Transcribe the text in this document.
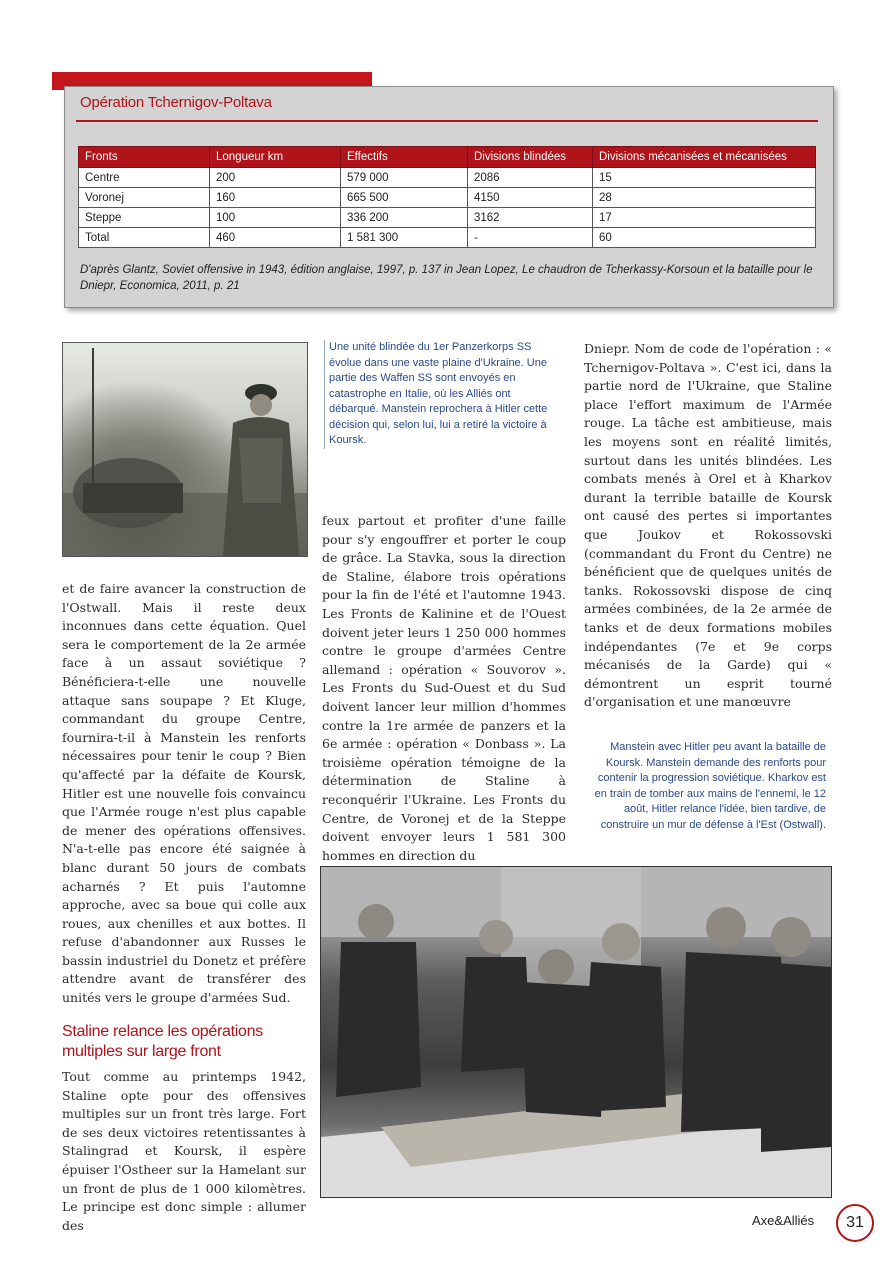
Opération Tchernigov-Poltava
Fronts	Longueur km	Effectifs	Divisions blindées	Divisions mécanisées et mécanisées
Centre	200	579 000	2086	15
Voronej	160	665 500	4150	28
Steppe	100	336 200	3162	17
Total	460	1 581 300	-	60
D'après Glantz, Soviet offensive in 1943, édition anglaise, 1997, p. 137 in Jean Lopez, Le chaudron de Tcherkassy-Korsoun et la bataille pour le Dniepr, Economica, 2011, p. 21
Une unité blindée du 1er Panzerkorps SS évolue dans une vaste plaine d'Ukraine. Une partie des Waffen SS sont envoyés en catastrophe en Italie, où les Alliés ont débarqué. Manstein reprochera à Hitler cette décision qui, selon lui, lui a retiré la victoire à Koursk.

et de faire avancer la construction de l'Ostwall. Mais il reste deux inconnues dans cette équation. Quel sera le comportement de la 2e armée face à un assaut soviétique ? Bénéficiera-t-elle une nouvelle attaque sans soupape ? Et Kluge, commandant du groupe Centre, fournira-t-il à Manstein les renforts nécessaires pour tenir le coup ? Bien qu'affecté par la défaite de Koursk, Hitler est une nouvelle fois convaincu que l'Armée rouge n'est plus capable de mener des opérations offensives. N'a-t-elle pas encore été saignée à blanc durant 50 jours de combats acharnés ? Et puis l'automne approche, avec sa boue qui colle aux roues, aux chenilles et aux bottes. Il refuse d'abandonner aux Russes le bassin industriel du Donetz et préfère attendre avant de transférer des unités vers le groupe d'armées Sud.

Staline relance les opérations multiples sur large front

Tout comme au printemps 1942, Staline opte pour des offensives multiples sur un front très large. Fort de ses deux victoires retentissantes à Stalingrad et Koursk, il espère épuiser l'Ostheer sur la Hamelant sur un front de plus de 1 000 kilomètres. Le principe est donc simple : allumer des

feux partout et profiter d'une faille pour s'y engouffrer et porter le coup de grâce. La Stavka, sous la direction de Staline, élabore trois opérations pour la fin de l'été et l'automne 1943. Les Fronts de Kalinine et de l'Ouest doivent jeter leurs 1 250 000 hommes contre le groupe d'armées Centre allemand : opération « Souvorov ». Les Fronts du Sud-Ouest et du Sud doivent lancer leur million d'hommes contre la 1re armée de panzers et la 6e armée : opération « Donbass ». La troisième opération témoigne de la détermination de Staline à reconquérir l'Ukraine. Les Fronts du Centre, de Voronej et de la Steppe doivent envoyer leurs 1 581 300 hommes en direction du

Dniepr. Nom de code de l'opération : « Tchernigov-Poltava ». C'est ici, dans la partie nord de l'Ukraine, que Staline place l'effort maximum de l'Armée rouge. La tâche est ambitieuse, mais les moyens sont en réalité limités, surtout dans les unités blindées. Les combats menés à Orel et à Kharkov durant la terrible bataille de Koursk ont causé des pertes si importantes que Joukov et Rokossovski (commandant du Front du Centre) ne bénéficient que de quelques unités de tanks. Rokossovski dispose de cinq armées combinées, de la 2e armée de tanks et de deux formations mobiles indépendantes (7e et 9e corps mécanisés de la Garde) qui « démontrent un esprit tourné d'organisation et une manœuvre

Manstein avec Hitler peu avant la bataille de Koursk. Manstein demande des renforts pour contenir la progression soviétique. Kharkov est en train de tomber aux mains de l'ennemi, le 12 août, Hitler relance l'idée, bien tardive, de construire un mur de défense à l'Est (Ostwall).
Axe&Alliés	31
